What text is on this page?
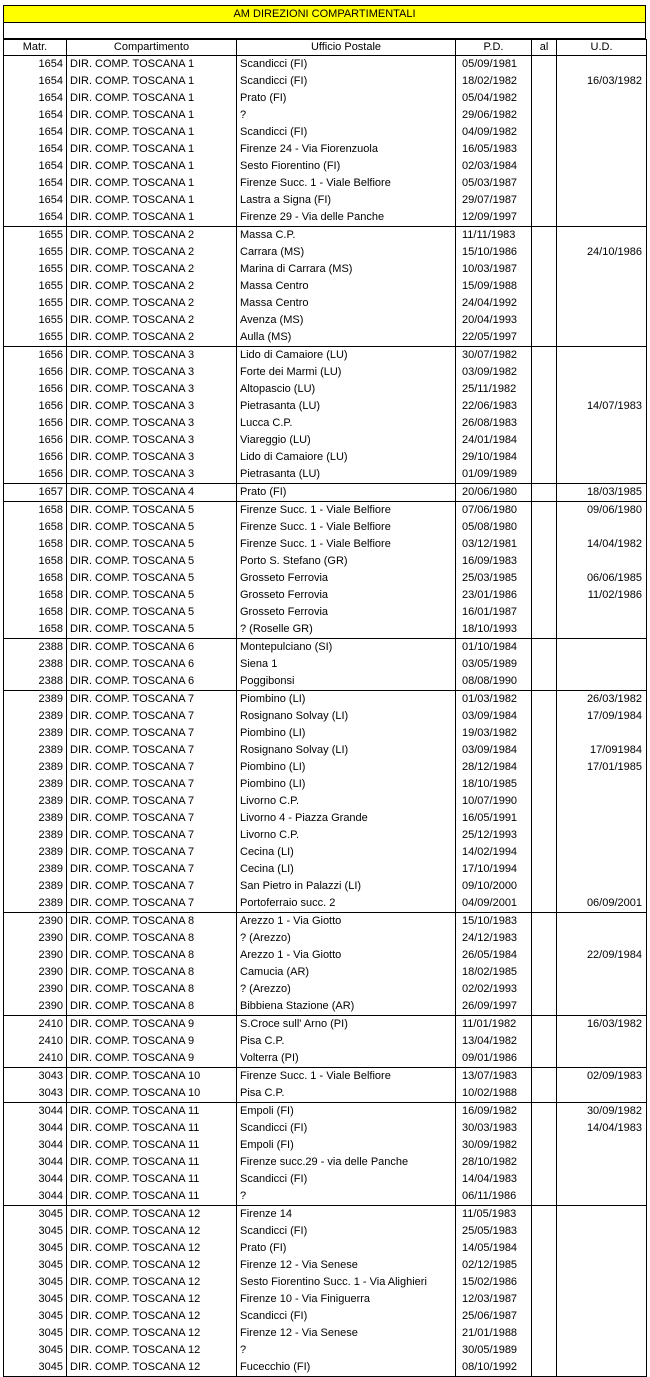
AM DIREZIONI COMPARTIMENTALI
Matr.	Compartimento	Ufficio Postale	P.D.	al	U.D.
1654	DIR. COMP. TOSCANA 1	Scandicci (FI)	05/09/1981		
1654	DIR. COMP. TOSCANA 1	Scandicci (FI)	18/02/1982		16/03/1982
1654	DIR. COMP. TOSCANA 1	Prato (FI)	05/04/1982		
1654	DIR. COMP. TOSCANA 1	?	29/06/1982		
1654	DIR. COMP. TOSCANA 1	Scandicci (FI)	04/09/1982		
1654	DIR. COMP. TOSCANA 1	Firenze 24 - Via Fiorenzuola	16/05/1983		
1654	DIR. COMP. TOSCANA 1	Sesto Fiorentino (FI)	02/03/1984		
1654	DIR. COMP. TOSCANA 1	Firenze Succ. 1 - Viale Belfiore	05/03/1987		
1654	DIR. COMP. TOSCANA 1	Lastra a Signa (FI)	29/07/1987		
1654	DIR. COMP. TOSCANA 1	Firenze 29 - Via delle Panche	12/09/1997		
1655	DIR. COMP. TOSCANA 2	Massa C.P.	11/11/1983		
1655	DIR. COMP. TOSCANA 2	Carrara (MS)	15/10/1986		24/10/1986
1655	DIR. COMP. TOSCANA 2	Marina di Carrara (MS)	10/03/1987		
1655	DIR. COMP. TOSCANA 2	Massa Centro	15/09/1988		
1655	DIR. COMP. TOSCANA 2	Massa Centro	24/04/1992		
1655	DIR. COMP. TOSCANA 2	Avenza (MS)	20/04/1993		
1655	DIR. COMP. TOSCANA 2	Aulla (MS)	22/05/1997		
1656	DIR. COMP. TOSCANA 3	Lido di Camaiore (LU)	30/07/1982		
1656	DIR. COMP. TOSCANA 3	Forte dei Marmi (LU)	03/09/1982		
1656	DIR. COMP. TOSCANA 3	Altopascio (LU)	25/11/1982		
1656	DIR. COMP. TOSCANA 3	Pietrasanta (LU)	22/06/1983		14/07/1983
1656	DIR. COMP. TOSCANA 3	Lucca C.P.	26/08/1983		
1656	DIR. COMP. TOSCANA 3	Viareggio (LU)	24/01/1984		
1656	DIR. COMP. TOSCANA 3	Lido di Camaiore (LU)	29/10/1984		
1656	DIR. COMP. TOSCANA 3	Pietrasanta (LU)	01/09/1989		
1657	DIR. COMP. TOSCANA 4	Prato (FI)	20/06/1980		18/03/1985
1658	DIR. COMP. TOSCANA 5	Firenze Succ. 1 - Viale Belfiore	07/06/1980		09/06/1980
1658	DIR. COMP. TOSCANA 5	Firenze Succ. 1 - Viale Belfiore	05/08/1980		
1658	DIR. COMP. TOSCANA 5	Firenze Succ. 1 - Viale Belfiore	03/12/1981		14/04/1982
1658	DIR. COMP. TOSCANA 5	Porto S. Stefano (GR)	16/09/1983		
1658	DIR. COMP. TOSCANA 5	Grosseto Ferrovia	25/03/1985		06/06/1985
1658	DIR. COMP. TOSCANA 5	Grosseto Ferrovia	23/01/1986		11/02/1986
1658	DIR. COMP. TOSCANA 5	Grosseto Ferrovia	16/01/1987		
1658	DIR. COMP. TOSCANA 5	? (Roselle GR)	18/10/1993		
2388	DIR. COMP. TOSCANA 6	Montepulciano (SI)	01/10/1984		
2388	DIR. COMP. TOSCANA 6	Siena 1	03/05/1989		
2388	DIR. COMP. TOSCANA 6	Poggibonsi	08/08/1990		
2389	DIR. COMP. TOSCANA 7	Piombino (LI)	01/03/1982		26/03/1982
2389	DIR. COMP. TOSCANA 7	Rosignano Solvay (LI)	03/09/1984		17/09/1984
2389	DIR. COMP. TOSCANA 7	Piombino (LI)	19/03/1982		
2389	DIR. COMP. TOSCANA 7	Rosignano Solvay (LI)	03/09/1984		17/091984
2389	DIR. COMP. TOSCANA 7	Piombino (LI)	28/12/1984		17/01/1985
2389	DIR. COMP. TOSCANA 7	Piombino (LI)	18/10/1985		
2389	DIR. COMP. TOSCANA 7	Livorno C.P.	10/07/1990		
2389	DIR. COMP. TOSCANA 7	Livorno 4 - Piazza Grande	16/05/1991		
2389	DIR. COMP. TOSCANA 7	Livorno C.P.	25/12/1993		
2389	DIR. COMP. TOSCANA 7	Cecina (LI)	14/02/1994		
2389	DIR. COMP. TOSCANA 7	Cecina (LI)	17/10/1994		
2389	DIR. COMP. TOSCANA 7	San Pietro in Palazzi (LI)	09/10/2000		
2389	DIR. COMP. TOSCANA 7	Portoferraio succ. 2	04/09/2001		06/09/2001
2390	DIR. COMP. TOSCANA 8	Arezzo 1 - Via Giotto	15/10/1983		
2390	DIR. COMP. TOSCANA 8	? (Arezzo)	24/12/1983		
2390	DIR. COMP. TOSCANA 8	Arezzo 1 - Via Giotto	26/05/1984		22/09/1984
2390	DIR. COMP. TOSCANA 8	Camucia (AR)	18/02/1985		
2390	DIR. COMP. TOSCANA 8	? (Arezzo)	02/02/1993		
2390	DIR. COMP. TOSCANA 8	Bibbiena Stazione (AR)	26/09/1997		
2410	DIR. COMP. TOSCANA 9	S.Croce sull' Arno (PI)	11/01/1982		16/03/1982
2410	DIR. COMP. TOSCANA 9	Pisa C.P.	13/04/1982		
2410	DIR. COMP. TOSCANA 9	Volterra (PI)	09/01/1986		
3043	DIR. COMP. TOSCANA 10	Firenze Succ. 1 - Viale Belfiore	13/07/1983		02/09/1983
3043	DIR. COMP. TOSCANA 10	Pisa C.P.	10/02/1988		
3044	DIR. COMP. TOSCANA 11	Empoli (FI)	16/09/1982		30/09/1982
3044	DIR. COMP. TOSCANA 11	Scandicci (FI)	30/03/1983		14/04/1983
3044	DIR. COMP. TOSCANA 11	Empoli (FI)	30/09/1982		
3044	DIR. COMP. TOSCANA 11	Firenze succ.29 - via delle Panche	28/10/1982		
3044	DIR. COMP. TOSCANA 11	Scandicci (FI)	14/04/1983		
3044	DIR. COMP. TOSCANA 11	?	06/11/1986		
3045	DIR. COMP. TOSCANA 12	Firenze 14	11/05/1983		
3045	DIR. COMP. TOSCANA 12	Scandicci (FI)	25/05/1983		
3045	DIR. COMP. TOSCANA 12	Prato (FI)	14/05/1984		
3045	DIR. COMP. TOSCANA 12	Firenze 12 - Via Senese	02/12/1985		
3045	DIR. COMP. TOSCANA 12	Sesto Fiorentino Succ. 1 - Via Alighieri	15/02/1986		
3045	DIR. COMP. TOSCANA 12	Firenze 10 - Via Finiguerra	12/03/1987		
3045	DIR. COMP. TOSCANA 12	Scandicci (FI)	25/06/1987		
3045	DIR. COMP. TOSCANA 12	Firenze 12 - Via Senese	21/01/1988		
3045	DIR. COMP. TOSCANA 12	?	30/05/1989		
3045	DIR. COMP. TOSCANA 12	Fucecchio (FI)	08/10/1992		
